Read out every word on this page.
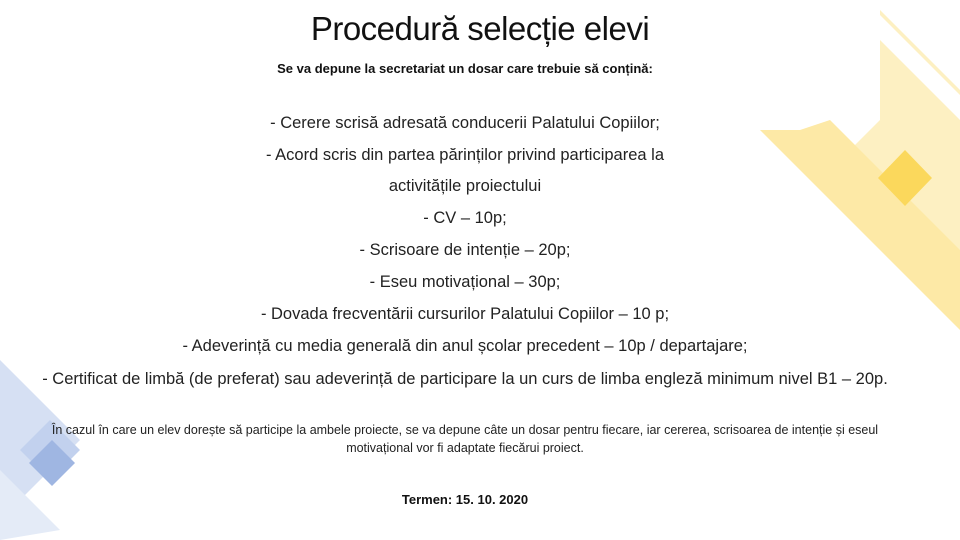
Procedură selecție elevi
Se va depune la secretariat un dosar care trebuie să conțină:
- Cerere scrisă adresată conducerii Palatului Copiilor;
- Acord scris din partea părinților privind participarea la
activitățile proiectului
- CV – 10p;
- Scrisoare de intenție – 20p;
- Eseu motivațional – 30p;
- Dovada frecventării cursurilor Palatului Copiilor – 10 p;
- Adeverință cu media generală din anul școlar precedent – 10p / departajare;
- Certificat de limbă (de preferat) sau adeverință de participare la un curs de limba engleză minimum nivel B1 – 20p.
În cazul în care un elev dorește să participe la ambele proiecte, se va depune câte un dosar pentru fiecare, iar cererea, scrisoarea de intenție și eseul motivațional vor fi adaptate fiecărui proiect.
Termen: 15. 10. 2020
